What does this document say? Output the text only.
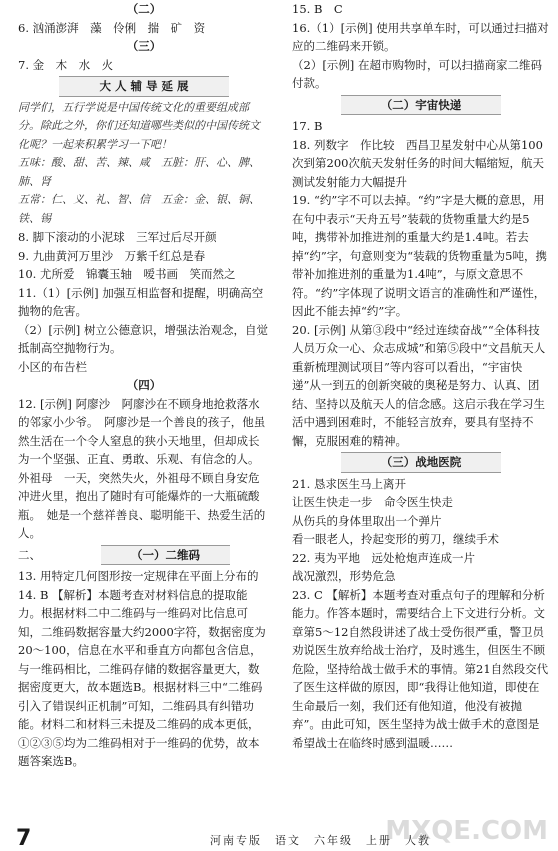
（二）
6. 汹涌澎湃　藻　伶俐　揣　矿　资
（三）
7. 金　木　水　火
大 人 辅 导 延 展
同学们，五行学说是中国传统文化的重要组成部分。除此之外，你们还知道哪些类似的中国传统文化呢？一起来积累学习一下吧！
五味：酸、甜、苦、辣、咸　五脏：肝、心、脾、肺、肾
五常：仁、义、礼、智、信　五金：金、银、铜、铁、锡
8. 脚下滚动的小泥球　三军过后尽开颜
9. 九曲黄河万里沙　万紫千红总是春
10. 尤所爱　锦囊玉轴　嗳书画　笑而然之
11.（1）[示例] 加强互相监督和提醒，明确高空抛物的危害。
（2）[示例] 树立公德意识，增强法治观念，自觉抵制高空抛物行为。
小区的布告栏
（四）
12. [示例] 阿廖沙　阿廖沙在不顾身地抢救落水的邻家小少爷。　阿廖沙是一个善良的孩子，他虽然生活在一个令人窒息的狭小天地里，但却成长为一个坚强、正直、勇敢、乐观、有信念的人。
外祖母　一天，突然失火，外祖母不顾自身安危冲进火里，抱出了随时有可能爆炸的一大瓶硫酸瓶。　她是一个慈祥善良、聪明能干、热爱生活的人。
二、	（一）二维码
13. 用特定几何图形按一定规律在平面上分布的
14. B 【解析】本题考查对材料信息的提取能力。根据材料二中二维码与一维码对比信息可知，二维码数据容量大约2000字符，数据密度为20～100，信息在水平和垂直方向都包含信息，与一维码相比，二维码存储的数据容量更大，数据密度更大，故本题选B。根据材料三中“二维码引入了错误纠正机制”可知，二维码具有纠错功能。材料二和材料三未提及二维码的成本更低，①②③⑤均为二维码相对于一维码的优势，故本题答案选B。
15. B　C
16.（1）[示例] 使用共享单车时，可以通过扫描对应的二维码来开锁。
（2）[示例] 在超市购物时，可以扫描商家二维码付款。
（二）宇宙快递
17. B
18. 列数字　作比较　西昌卫星发射中心从第100次到第200次航天发射任务的时间大幅缩短，航天测试发射能力大幅提升
19. “约”字不可以去掉。“约”字是大概的意思，用在句中表示“天舟五号”装载的货物重量大约是5吨，携带补加推进剂的重量大约是1.4吨。若去掉“约”字，句意则变为“装载的货物重量为5吨，携带补加推进剂的重量为1.4吨”，与原文意思不符。“约”字体现了说明文语言的准确性和严谨性，因此不能去掉“约”字。
20. [示例] 从第③段中“经过连续奋战”“全体科技人员万众一心、众志成城”和第⑤段中“文昌航天人重新梳理测试项目”等内容可以看出，“宇宙快递”从一到五的创新突破的奥秘是努力、认真、团结、坚持以及航天人的信念感。这启示我在学习生活中遇到困难时，不能轻言放弃，要具有坚持不懈，克服困难的精神。
（三）战地医院
21. 恳求医生马上离开
让医生快走一步　命令医生快走
从伤兵的身体里取出一个弹片
看一眼老人，拎起变形的剪刀，继续手术
22. 夷为平地　远处枪炮声连成一片
战况激烈，形势危急
23. C 【解析】本题考查对重点句子的理解和分析能力。作答本题时，需要结合上下文进行分析。文章第5～12自然段讲述了战士受伤很严重，警卫员劝说医生放弃给战士治疗，及时逃生，但医生不顾危险，坚持给战士做手术的事情。第21自然段交代了医生这样做的原因，即“我得让他知道，即使在生命最后一刻，我们还有他知道，他没有被抛弃”。由此可知，医生坚持为战士做手术的意图是希望战士在临终时感到温暖……
7	河南专版　语文　六年级　上册　人教
MXQE.COM
